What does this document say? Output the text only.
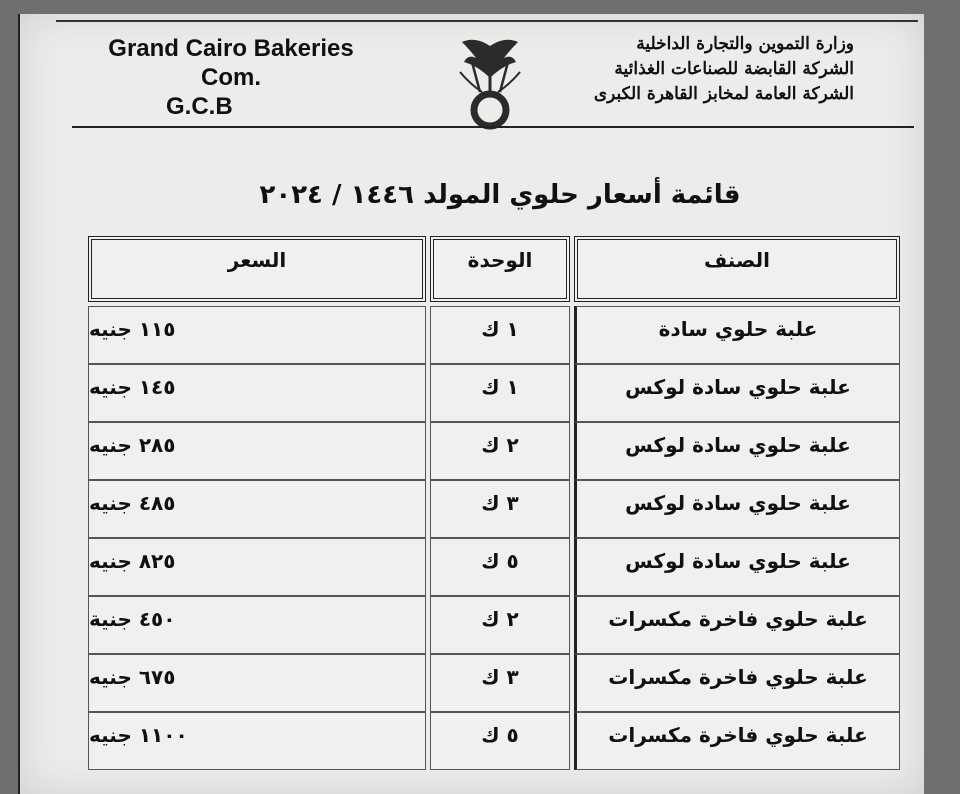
Grand Cairo Bakeries
Com.
G.C.B
وزارة التموين والتجارة الداخلية
الشركة القابضة للصناعات الغذائية
الشركة العامة لمخابز القاهرة الكبرى
قائمة أسعار حلوي المولد ١٤٤٦ / ٢٠٢٤
الصنف
الوحدة
السعر
علبة حلوي سادة
١ ك
١١٥ جنيه
علبة حلوي سادة لوكس
١ ك
١٤٥ جنيه
علبة حلوي سادة لوكس
٢ ك
٢٨٥ جنيه
علبة حلوي سادة لوكس
٣ ك
٤٨٥ جنيه
علبة حلوي سادة لوكس
٥ ك
٨٢٥ جنيه
علبة حلوي فاخرة مكسرات
٢ ك
٤٥٠ جنية
علبة حلوي فاخرة مكسرات
٣ ك
٦٧٥ جنيه
علبة حلوي فاخرة مكسرات
٥ ك
١١٠٠ جنيه
